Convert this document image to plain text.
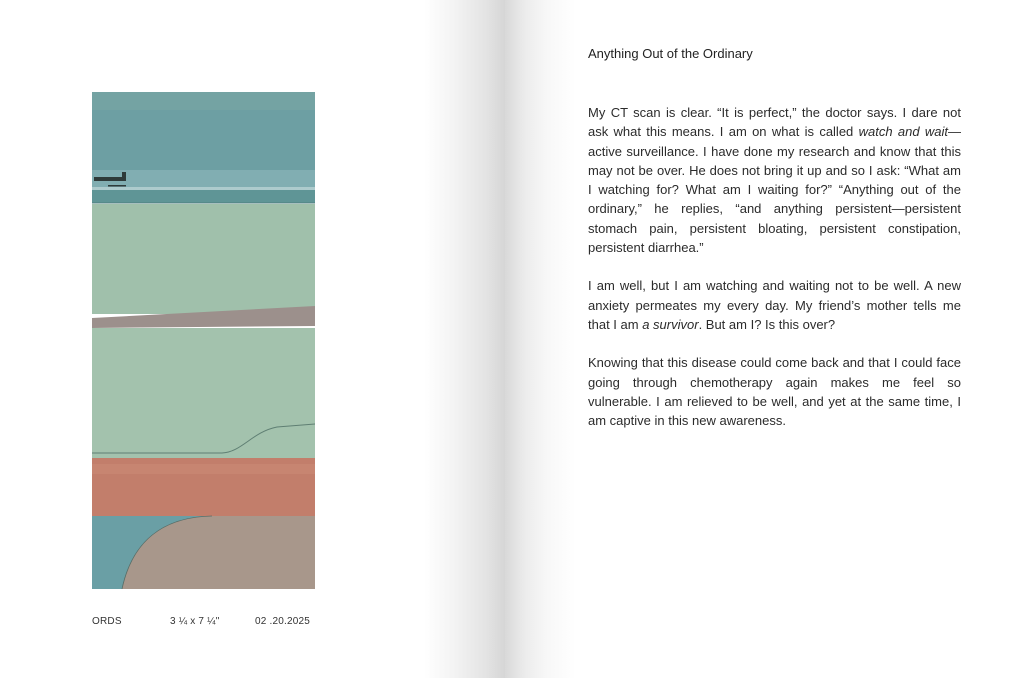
ORDS	3 ¼ x 7 ¼"	02 .20.2025
Anything Out of the Ordinary

My CT scan is clear. “It is perfect,” the doctor says. I dare not ask what this means. I am on what is called watch and wait— active surveillance. I have done my research and know that this may not be over. He does not bring it up and so I ask: “What am I watching for? What am I waiting for?” “Anything out of the ordinary,” he replies, “and anything persistent—persistent stomach pain, persistent bloating, persistent constipation, persistent diarrhea.”

I am well, but I am watching and waiting not to be well. A new anxiety permeates my every day. My friend’s mother tells me that I am a survivor. But am I? Is this over?

Knowing that this disease could come back and that I could face going through chemotherapy again makes me feel so vulnerable. I am relieved to be well, and yet at the same time, I am captive in this new awareness.
